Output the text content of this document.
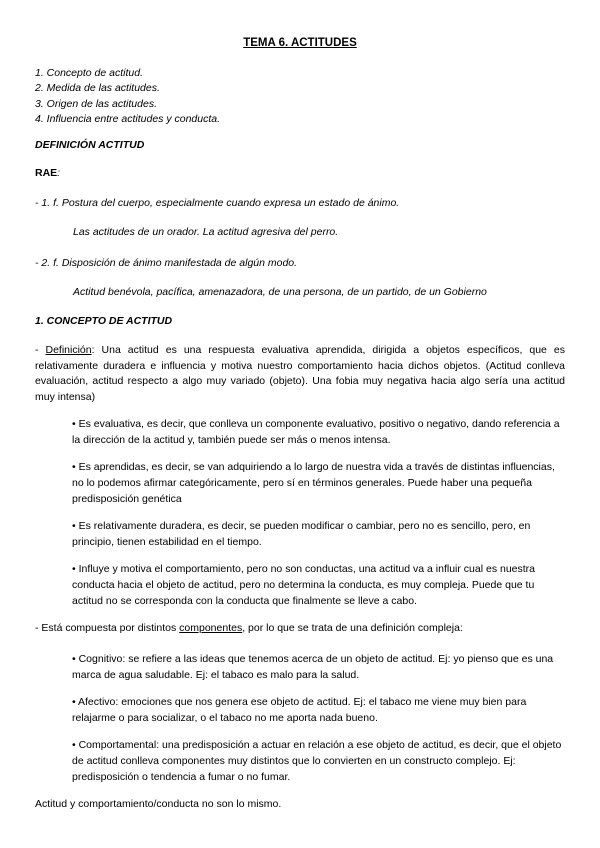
TEMA 6. ACTITUDES
1. Concepto de actitud.
2. Medida de las actitudes.
3. Origen de las actitudes.
4. Influencia entre actitudes y conducta.
DEFINICIÓN ACTITUD
RAE:
- 1. f. Postura del cuerpo, especialmente cuando expresa un estado de ánimo.
Las actitudes de un orador. La actitud agresiva del perro.
- 2. f. Disposición de ánimo manifestada de algún modo.
Actitud benévola, pacífica, amenazadora, de una persona, de un partido, de un Gobierno
1. CONCEPTO DE ACTITUD
- Definición: Una actitud es una respuesta evaluativa aprendida, dirigida a objetos específicos, que es relativamente duradera e influencia y motiva nuestro comportamiento hacia dichos objetos. (Actitud conlleva evaluación, actitud respecto a algo muy variado (objeto). Una fobia muy negativa hacia algo sería una actitud muy intensa)
• Es evaluativa, es decir, que conlleva un componente evaluativo, positivo o negativo, dando referencia a la dirección de la actitud y, también puede ser más o menos intensa.
• Es aprendidas, es decir, se van adquiriendo a lo largo de nuestra vida a través de distintas influencias, no lo podemos afirmar categóricamente, pero sí en términos generales. Puede haber una pequeña predisposición genética
• Es relativamente duradera, es decir, se pueden modificar o cambiar, pero no es sencillo, pero, en principio, tienen estabilidad en el tiempo.
• Influye y motiva el comportamiento, pero no son conductas, una actitud va a influir cual es nuestra conducta hacia el objeto de actitud, pero no determina la conducta, es muy compleja. Puede que tu actitud no se corresponda con la conducta que finalmente se lleve a cabo.
- Está compuesta por distintos componentes, por lo que se trata de una definición compleja:
• Cognitivo: se refiere a las ideas que tenemos acerca de un objeto de actitud. Ej: yo pienso que es una marca de agua saludable. Ej: el tabaco es malo para la salud.
• Afectivo: emociones que nos genera ese objeto de actitud. Ej: el tabaco me viene muy bien para relajarme o para socializar, o el tabaco no me aporta nada bueno.
• Comportamental: una predisposición a actuar en relación a ese objeto de actitud, es decir, que el objeto de actitud conlleva componentes muy distintos que lo convierten en un constructo complejo. Ej: predisposición o tendencia a fumar o no fumar.
Actitud y comportamiento/conducta no son lo mismo.
